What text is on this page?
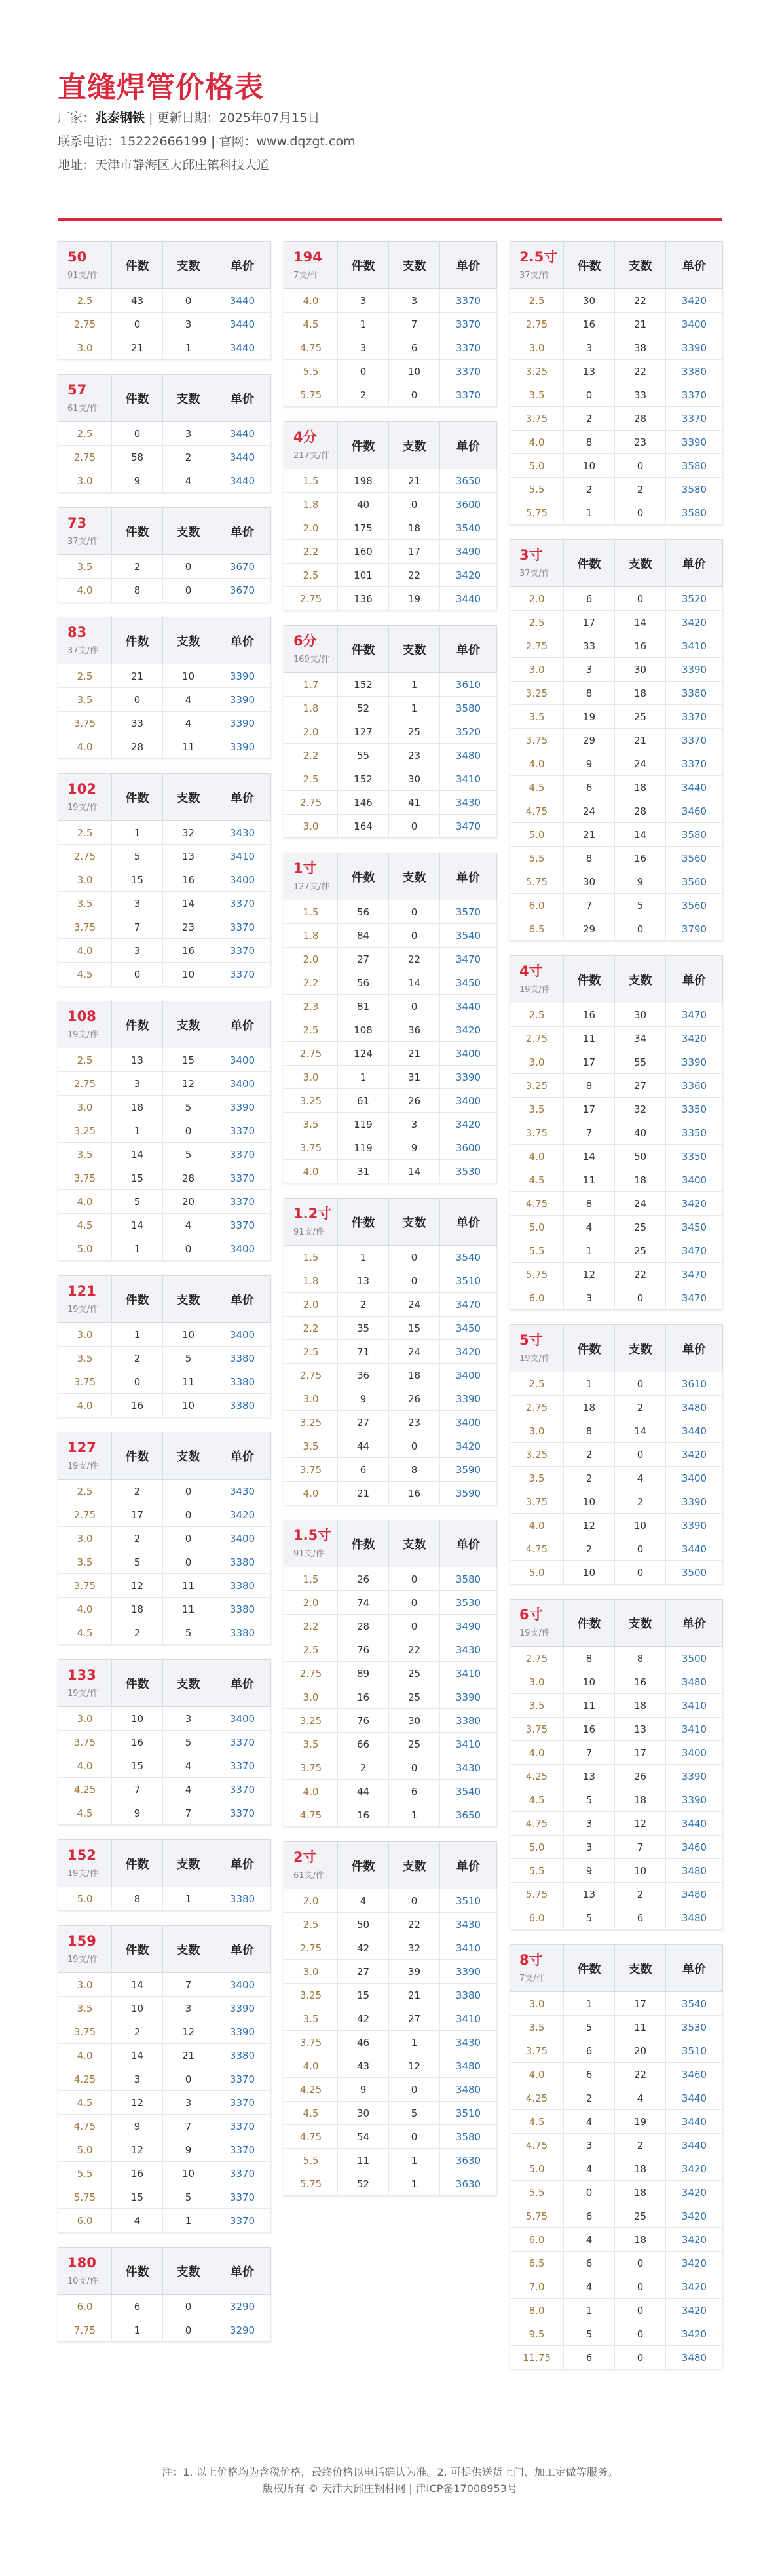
直缝焊管价格表
厂家：兆泰钢铁 | 更新日期：2025年07月15日
联系电话：15222666199 | 官网：www.dqzgt.com
地址：天津市静海区大邱庄镇科技大道
50
91支/件	件数	支数	单价
2.5	43	0	3440
2.75	0	3	3440
3.0	21	1	3440
57
61支/件	件数	支数	单价
2.5	0	3	3440
2.75	58	2	3440
3.0	9	4	3440
73
37支/件	件数	支数	单价
3.5	2	0	3670
4.0	8	0	3670
83
37支/件	件数	支数	单价
2.5	21	10	3390
3.5	0	4	3390
3.75	33	4	3390
4.0	28	11	3390
102
19支/件	件数	支数	单价
2.5	1	32	3430
2.75	5	13	3410
3.0	15	16	3400
3.5	3	14	3370
3.75	7	23	3370
4.0	3	16	3370
4.5	0	10	3370
108
19支/件	件数	支数	单价
2.5	13	15	3400
2.75	3	12	3400
3.0	18	5	3390
3.25	1	0	3370
3.5	14	5	3370
3.75	15	28	3370
4.0	5	20	3370
4.5	14	4	3370
5.0	1	0	3400
121
19支/件	件数	支数	单价
3.0	1	10	3400
3.5	2	5	3380
3.75	0	11	3380
4.0	16	10	3380
127
19支/件	件数	支数	单价
2.5	2	0	3430
2.75	17	0	3420
3.0	2	0	3400
3.5	5	0	3380
3.75	12	11	3380
4.0	18	11	3380
4.5	2	5	3380
133
19支/件	件数	支数	单价
3.0	10	3	3400
3.75	16	5	3370
4.0	15	4	3370
4.25	7	4	3370
4.5	9	7	3370
152
19支/件	件数	支数	单价
5.0	8	1	3380
159
19支/件	件数	支数	单价
3.0	14	7	3400
3.5	10	3	3390
3.75	2	12	3390
4.0	14	21	3380
4.25	3	0	3370
4.5	12	3	3370
4.75	9	7	3370
5.0	12	9	3370
5.5	16	10	3370
5.75	15	5	3370
6.0	4	1	3370
180
10支/件	件数	支数	单价
6.0	6	0	3290
7.75	1	0	3290
194
7支/件	件数	支数	单价
4.0	3	3	3370
4.5	1	7	3370
4.75	3	6	3370
5.5	0	10	3370
5.75	2	0	3370
4分
217支/件	件数	支数	单价
1.5	198	21	3650
1.8	40	0	3600
2.0	175	18	3540
2.2	160	17	3490
2.5	101	22	3420
2.75	136	19	3440
6分
169支/件	件数	支数	单价
1.7	152	1	3610
1.8	52	1	3580
2.0	127	25	3520
2.2	55	23	3480
2.5	152	30	3410
2.75	146	41	3430
3.0	164	0	3470
1寸
127支/件	件数	支数	单价
1.5	56	0	3570
1.8	84	0	3540
2.0	27	22	3470
2.2	56	14	3450
2.3	81	0	3440
2.5	108	36	3420
2.75	124	21	3400
3.0	1	31	3390
3.25	61	26	3400
3.5	119	3	3420
3.75	119	9	3600
4.0	31	14	3530
1.2寸
91支/件	件数	支数	单价
1.5	1	0	3540
1.8	13	0	3510
2.0	2	24	3470
2.2	35	15	3450
2.5	71	24	3420
2.75	36	18	3400
3.0	9	26	3390
3.25	27	23	3400
3.5	44	0	3420
3.75	6	8	3590
4.0	21	16	3590
1.5寸
91支/件	件数	支数	单价
1.5	26	0	3580
2.0	74	0	3530
2.2	28	0	3490
2.5	76	22	3430
2.75	89	25	3410
3.0	16	25	3390
3.25	76	30	3380
3.5	66	25	3410
3.75	2	0	3430
4.0	44	6	3540
4.75	16	1	3650
2寸
61支/件	件数	支数	单价
2.0	4	0	3510
2.5	50	22	3430
2.75	42	32	3410
3.0	27	39	3390
3.25	15	21	3380
3.5	42	27	3410
3.75	46	1	3430
4.0	43	12	3480
4.25	9	0	3480
4.5	30	5	3510
4.75	54	0	3580
5.5	11	1	3630
5.75	52	1	3630
2.5寸
37支/件	件数	支数	单价
2.5	30	22	3420
2.75	16	21	3400
3.0	3	38	3390
3.25	13	22	3380
3.5	0	33	3370
3.75	2	28	3370
4.0	8	23	3390
5.0	10	0	3580
5.5	2	2	3580
5.75	1	0	3580
3寸
37支/件	件数	支数	单价
2.0	6	0	3520
2.5	17	14	3420
2.75	33	16	3410
3.0	3	30	3390
3.25	8	18	3380
3.5	19	25	3370
3.75	29	21	3370
4.0	9	24	3370
4.5	6	18	3440
4.75	24	28	3460
5.0	21	14	3580
5.5	8	16	3560
5.75	30	9	3560
6.0	7	5	3560
6.5	29	0	3790
4寸
19支/件	件数	支数	单价
2.5	16	30	3470
2.75	11	34	3420
3.0	17	55	3390
3.25	8	27	3360
3.5	17	32	3350
3.75	7	40	3350
4.0	14	50	3350
4.5	11	18	3400
4.75	8	24	3420
5.0	4	25	3450
5.5	1	25	3470
5.75	12	22	3470
6.0	3	0	3470
5寸
19支/件	件数	支数	单价
2.5	1	0	3610
2.75	18	2	3480
3.0	8	14	3440
3.25	2	0	3420
3.5	2	4	3400
3.75	10	2	3390
4.0	12	10	3390
4.75	2	0	3440
5.0	10	0	3500
6寸
19支/件	件数	支数	单价
2.75	8	8	3500
3.0	10	16	3480
3.5	11	18	3410
3.75	16	13	3410
4.0	7	17	3400
4.25	13	26	3390
4.5	5	18	3390
4.75	3	12	3440
5.0	3	7	3460
5.5	9	10	3480
5.75	13	2	3480
6.0	5	6	3480
8寸
7支/件	件数	支数	单价
3.0	1	17	3540
3.5	5	11	3530
3.75	6	20	3510
4.0	6	22	3460
4.25	2	4	3440
4.5	4	19	3440
4.75	3	2	3440
5.0	4	18	3420
5.5	0	18	3420
5.75	6	25	3420
6.0	4	18	3420
6.5	6	0	3420
7.0	4	0	3420
8.0	1	0	3420
9.5	5	0	3420
11.75	6	0	3480
注：1. 以上价格均为含税价格，最终价格以电话确认为准。2. 可提供送货上门、加工定做等服务。
版权所有 © 天津大邱庄钢材网 | 津ICP备17008953号
